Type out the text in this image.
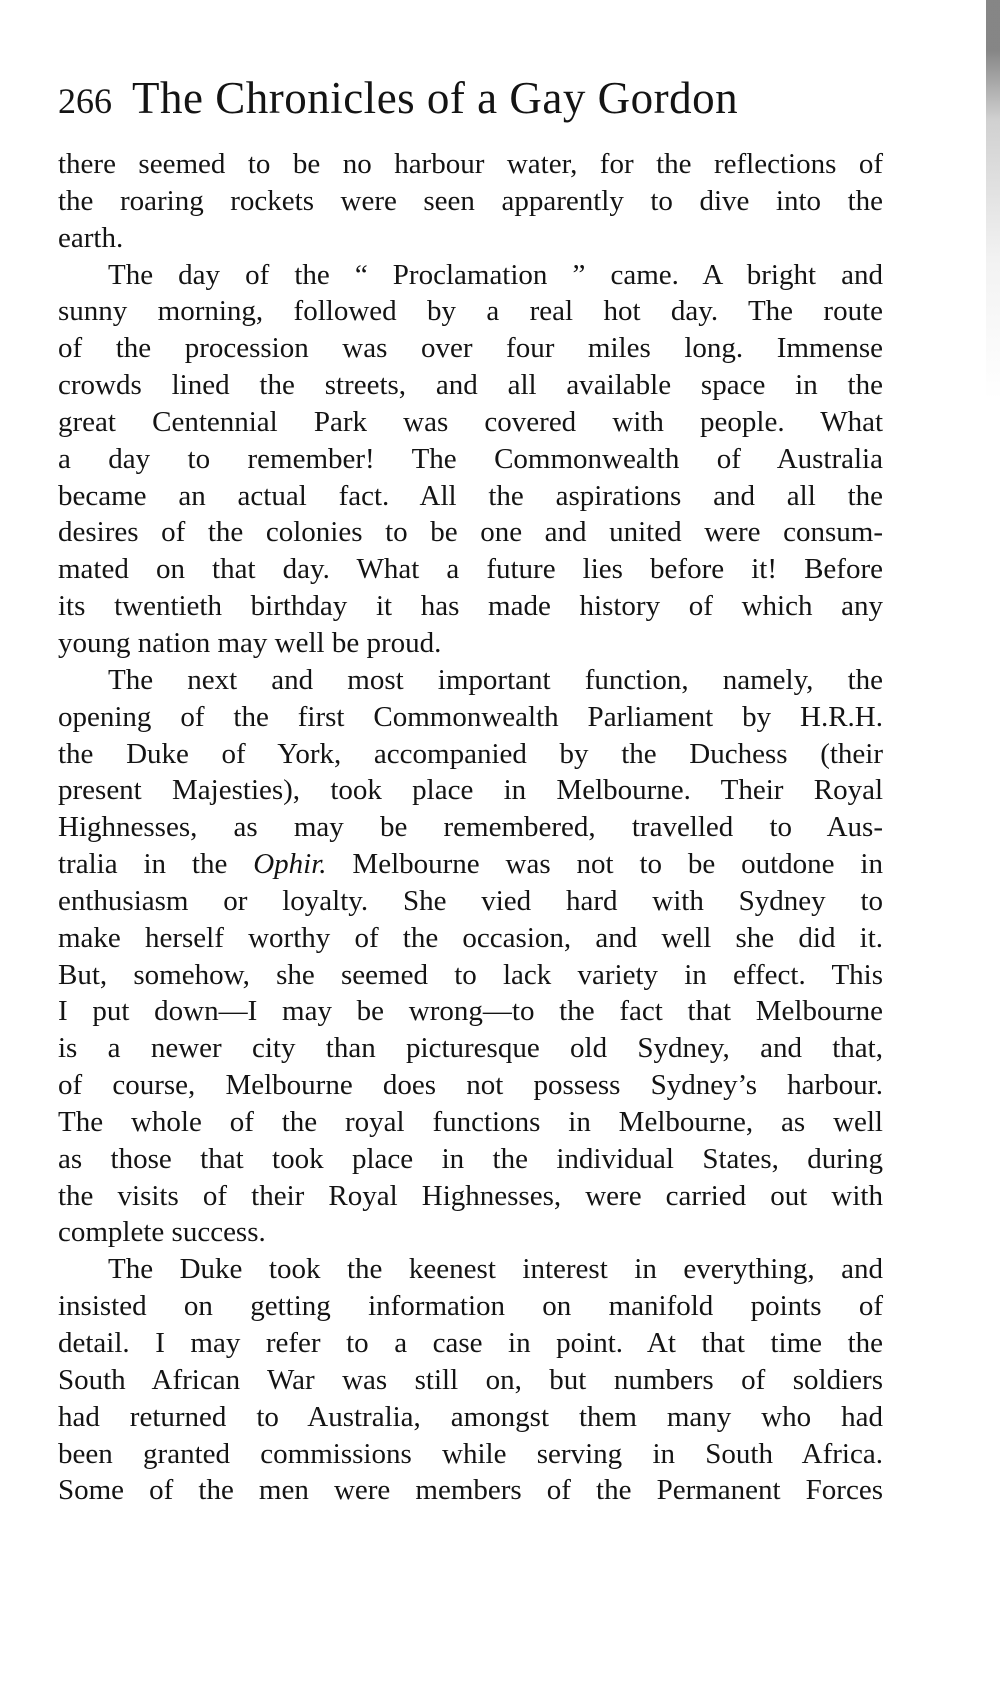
266 The Chronicles of a Gay Gordon
there seemed to be no harbour water, for the reflections of
the roaring rockets were seen apparently to dive into the
earth.
The day of the “ Proclamation ” came. A bright and
sunny morning, followed by a real hot day. The route
of the procession was over four miles long. Immense
crowds lined the streets, and all available space in the
great Centennial Park was covered with people. What
a day to remember! The Commonwealth of Australia
became an actual fact. All the aspirations and all the
desires of the colonies to be one and united were consum-
mated on that day. What a future lies before it! Before
its twentieth birthday it has made history of which any
young nation may well be proud.
The next and most important function, namely, the
opening of the first Commonwealth Parliament by H.R.H.
the Duke of York, accompanied by the Duchess (their
present Majesties), took place in Melbourne. Their Royal
Highnesses, as may be remembered, travelled to Aus-
tralia in the Ophir. Melbourne was not to be outdone in
enthusiasm or loyalty. She vied hard with Sydney to
make herself worthy of the occasion, and well she did it.
But, somehow, she seemed to lack variety in effect. This
I put down—I may be wrong—to the fact that Melbourne
is a newer city than picturesque old Sydney, and that,
of course, Melbourne does not possess Sydney’s harbour.
The whole of the royal functions in Melbourne, as well
as those that took place in the individual States, during
the visits of their Royal Highnesses, were carried out with
complete success.
The Duke took the keenest interest in everything, and
insisted on getting information on manifold points of
detail. I may refer to a case in point. At that time the
South African War was still on, but numbers of soldiers
had returned to Australia, amongst them many who had
been granted commissions while serving in South Africa.
Some of the men were members of the Permanent Forces
